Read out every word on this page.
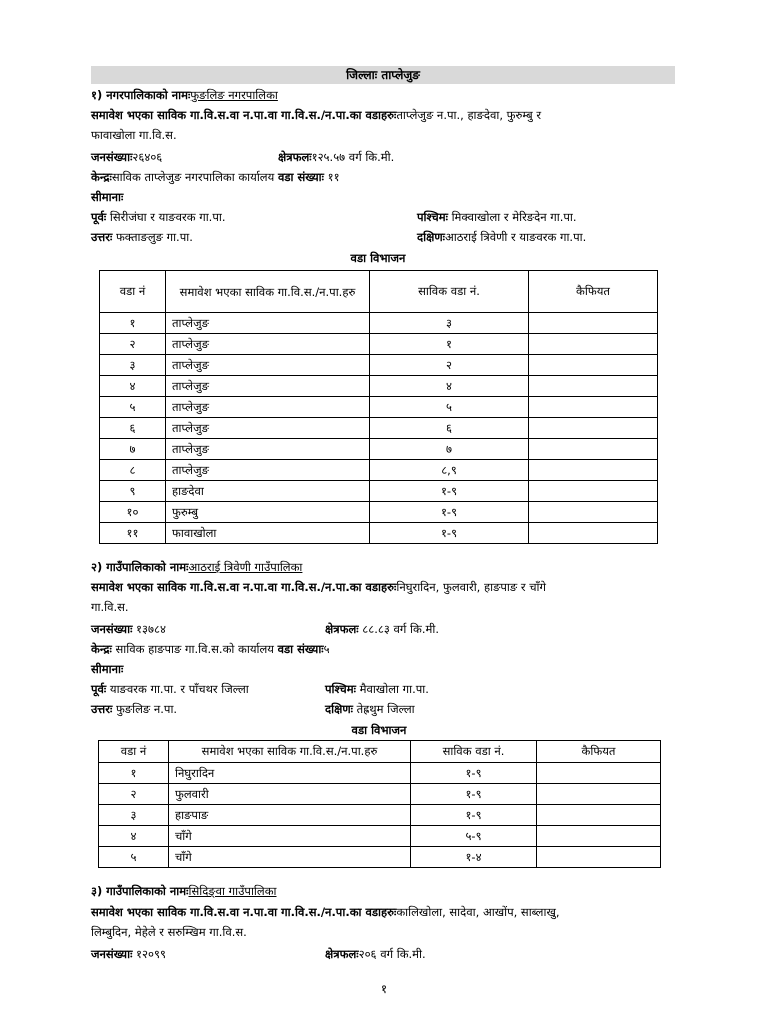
जिल्लाः ताप्लेजुङ
१) नगरपालिकाको नामःफुङलिङ नगरपालिका
समावेश भएका साविक गा.वि.स.वा न.पा.वा गा.वि.स./न.पा.का वडाहरुःताप्लेजुङ न.पा., हाङदेवा, फुरुम्बु र
फावाखोला गा.वि.स.
जनसंख्याः२६४०६	क्षेत्रफलः१२५.५७ वर्ग कि.मी.
केन्द्रःसाविक ताप्लेजुङ नगरपालिका कार्यालय वडा संख्याः ११
सीमानाः
पूर्वः सिरीजंघा र याङवरक गा.पा.	पश्चिमः मिक्वाखोला र मेरिङदेन गा.पा.
उत्तरः फक्ताङलुङ गा.पा.	दक्षिणःआठराई त्रिवेणी र याङवरक गा.पा.
वडा विभाजन
वडा नं	समावेश भएका साविक गा.वि.स./न.पा.हरु	साविक वडा नं.	कैफियत
१	ताप्लेजुङ	३	
२	ताप्लेजुङ	१	
३	ताप्लेजुङ	२	
४	ताप्लेजुङ	४	
५	ताप्लेजुङ	५	
६	ताप्लेजुङ	६	
७	ताप्लेजुङ	७	
८	ताप्लेजुङ	८,९	
९	हाङदेवा	१-९	
१०	फुरुम्बु	१-९	
११	फावाखोला	१-९	
२) गाउँपालिकाको नामःआठराई त्रिवेणी गाउँपालिका
समावेश भएका साविक गा.वि.स.वा न.पा.वा गा.वि.स./न.पा.का वडाहरुःनिघुरादिन, फुलवारी, हाङपाङ र चाँगे
गा.वि.स.
जनसंख्याः १३७८४	क्षेत्रफलः ८८.८३ वर्ग कि.मी.
केन्द्रः साविक हाङपाङ गा.वि.स.को कार्यालय वडा संख्याः५
सीमानाः
पूर्वः याङवरक गा.पा. र पाँचथर जिल्ला	पश्चिमः मैवाखोला गा.पा.
उत्तरः फुङलिङ न.पा.	दक्षिणः तेह्रथुम जिल्ला
वडा विभाजन
वडा नं	समावेश भएका साविक गा.वि.स./न.पा.हरु	साविक वडा नं.	कैफियत
१	निघुरादिन	१-९	
२	फुलवारी	१-९	
३	हाङपाङ	१-९	
४	चाँगे	५-९	
५	चाँगे	१-४	
३) गाउँपालिकाको नामःसिदिङ्वा गाउँपालिका
समावेश भएका साविक गा.वि.स.वा न.पा.वा गा.वि.स./न.पा.का वडाहरुःकालिखोला, सादेवा, आखोंप, साब्लाखु,
लिम्बुदिन, मेहेले र सरुम्खिम गा.वि.स.
जनसंख्याः १२०९९	क्षेत्रफलः२०६ वर्ग कि.मी.
१
